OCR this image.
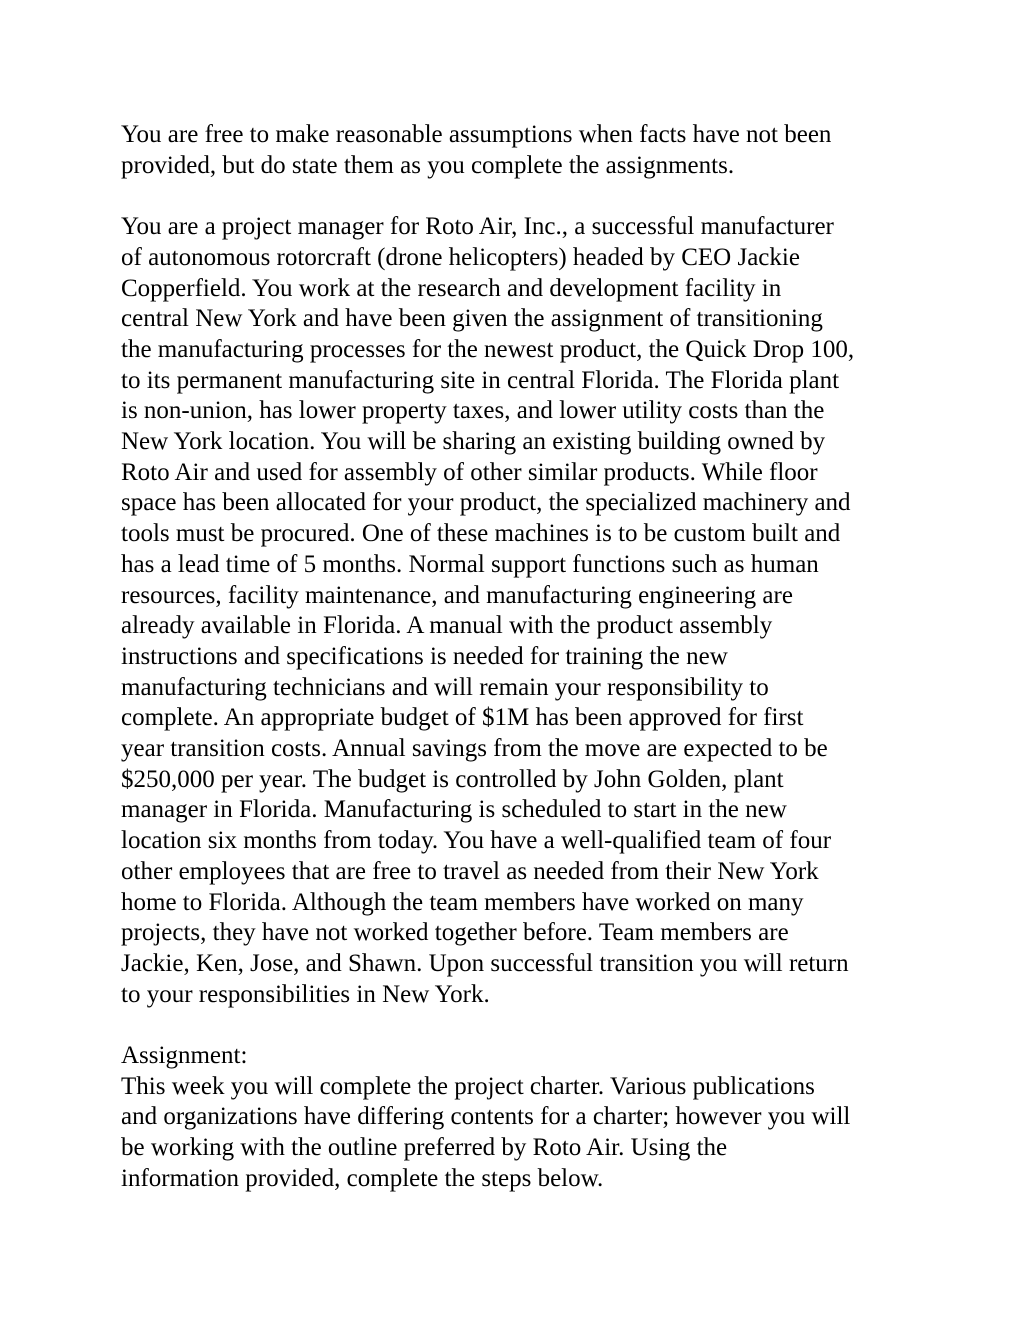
You are free to make reasonable assumptions when facts have not been
provided, but do state them as you complete the assignments.
You are a project manager for Roto Air, Inc., a successful manufacturer
of autonomous rotorcraft (drone helicopters) headed by CEO Jackie
Copperfield. You work at the research and development facility in
central New York and have been given the assignment of transitioning
the manufacturing processes for the newest product, the Quick Drop 100,
to its permanent manufacturing site in central Florida. The Florida plant
is non-union, has lower property taxes, and lower utility costs than the
New York location. You will be sharing an existing building owned by
Roto Air and used for assembly of other similar products. While floor
space has been allocated for your product, the specialized machinery and
tools must be procured. One of these machines is to be custom built and
has a lead time of 5 months. Normal support functions such as human
resources, facility maintenance, and manufacturing engineering are
already available in Florida. A manual with the product assembly
instructions and specifications is needed for training the new
manufacturing technicians and will remain your responsibility to
complete. An appropriate budget of $1M has been approved for first
year transition costs. Annual savings from the move are expected to be
$250,000 per year. The budget is controlled by John Golden, plant
manager in Florida. Manufacturing is scheduled to start in the new
location six months from today. You have a well-qualified team of four
other employees that are free to travel as needed from their New York
home to Florida. Although the team members have worked on many
projects, they have not worked together before. Team members are
Jackie, Ken, Jose, and Shawn. Upon successful transition you will return
to your responsibilities in New York.
Assignment:
This week you will complete the project charter. Various publications
and organizations have differing contents for a charter; however you will
be working with the outline preferred by Roto Air. Using the
information provided, complete the steps below.
